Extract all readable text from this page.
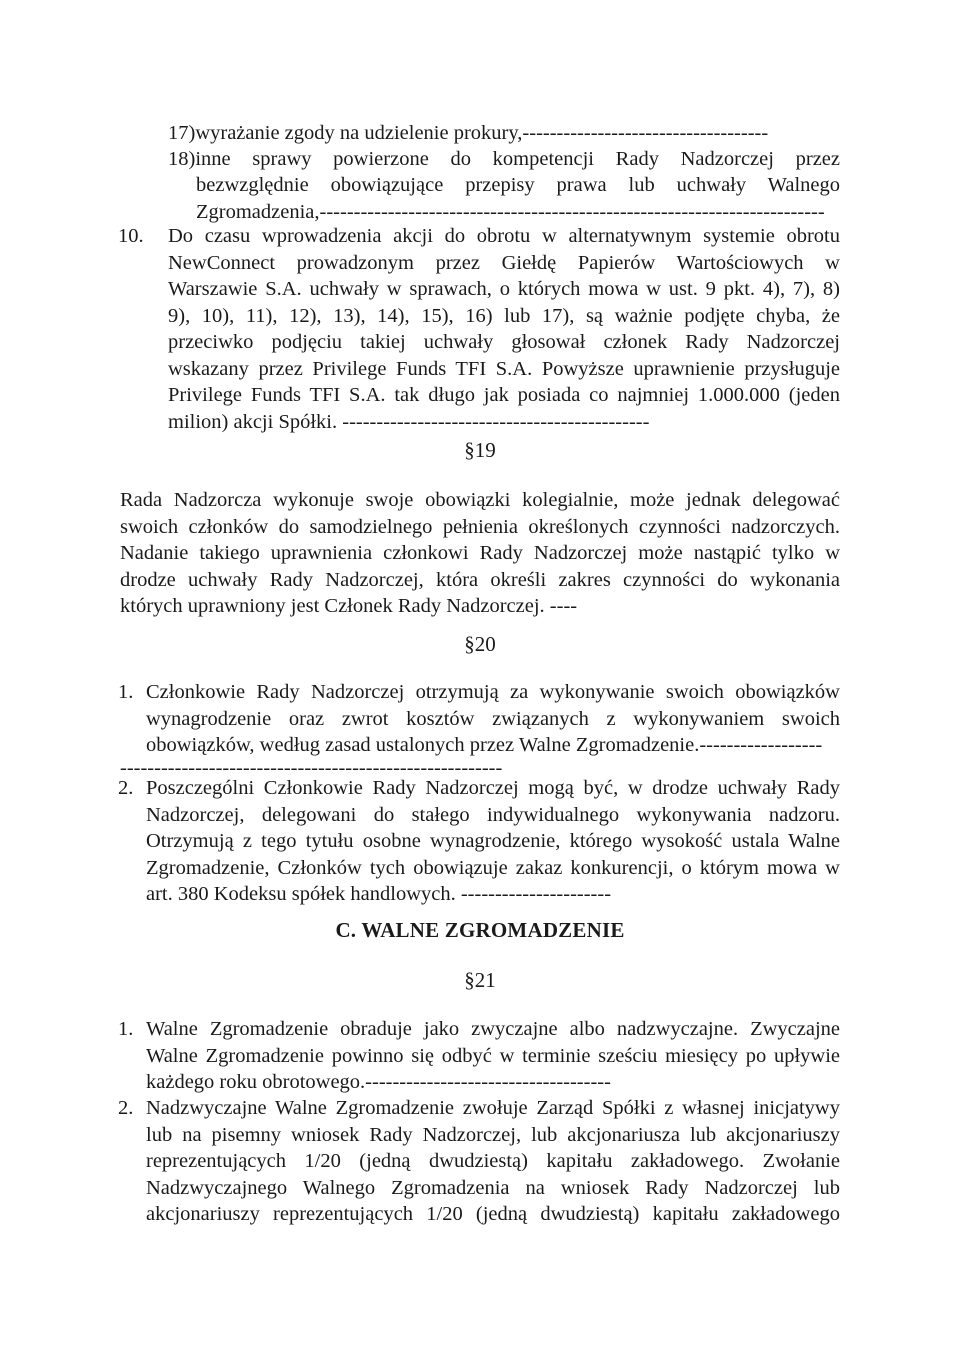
17)wyrażanie zgody na udzielenie prokury,------------------------------------
18)inne sprawy powierzone do kompetencji Rady Nadzorczej przez
bezwzględnie obowiązujące przepisy prawa lub uchwały Walnego
Zgromadzenia,--------------------------------------------------------------------------
10. Do czasu wprowadzenia akcji do obrotu w alternatywnym systemie obrotu
NewConnect prowadzonym przez Giełdę Papierów Wartościowych w
Warszawie S.A. uchwały w sprawach, o których mowa w ust. 9 pkt. 4), 7), 8)
9), 10), 11), 12), 13), 14), 15), 16) lub 17), są ważnie podjęte chyba, że
przeciwko podjęciu takiej uchwały głosował członek Rady Nadzorczej
wskazany przez Privilege Funds TFI S.A. Powyższe uprawnienie przysługuje
Privilege Funds TFI S.A. tak długo jak posiada co najmniej 1.000.000 (jeden
milion) akcji Spółki. ---------------------------------------------
§19
Rada Nadzorcza wykonuje swoje obowiązki kolegialnie, może jednak delegować
swoich członków do samodzielnego pełnienia określonych czynności nadzorczych.
Nadanie takiego uprawnienia członkowi Rady Nadzorczej może nastąpić tylko w
drodze uchwały Rady Nadzorczej, która określi zakres czynności do wykonania
których uprawniony jest Członek Rady Nadzorczej. ----
§20
1. Członkowie Rady Nadzorczej otrzymują za wykonywanie swoich obowiązków
wynagrodzenie oraz zwrot kosztów związanych z wykonywaniem swoich
obowiązków, według zasad ustalonych przez Walne Zgromadzenie.------------------
--------------------------------------------------------
2. Poszczególni Członkowie Rady Nadzorczej mogą być, w drodze uchwały Rady
Nadzorczej, delegowani do stałego indywidualnego wykonywania nadzoru.
Otrzymują z tego tytułu osobne wynagrodzenie, którego wysokość ustala Walne
Zgromadzenie, Członków tych obowiązuje zakaz konkurencji, o którym mowa w
art. 380 Kodeksu spółek handlowych. ----------------------
C. WALNE ZGROMADZENIE
§21
1. Walne Zgromadzenie obraduje jako zwyczajne albo nadzwyczajne. Zwyczajne
Walne Zgromadzenie powinno się odbyć w terminie sześciu miesięcy po upływie
każdego roku obrotowego.------------------------------------
2. Nadzwyczajne Walne Zgromadzenie zwołuje Zarząd Spółki z własnej inicjatywy
lub na pisemny wniosek Rady Nadzorczej, lub akcjonariusza lub akcjonariuszy
reprezentujących 1/20 (jedną dwudziestą) kapitału zakładowego. Zwołanie
Nadzwyczajnego Walnego Zgromadzenia na wniosek Rady Nadzorczej lub
akcjonariuszy reprezentujących 1/20 (jedną dwudziestą) kapitału zakładowego
